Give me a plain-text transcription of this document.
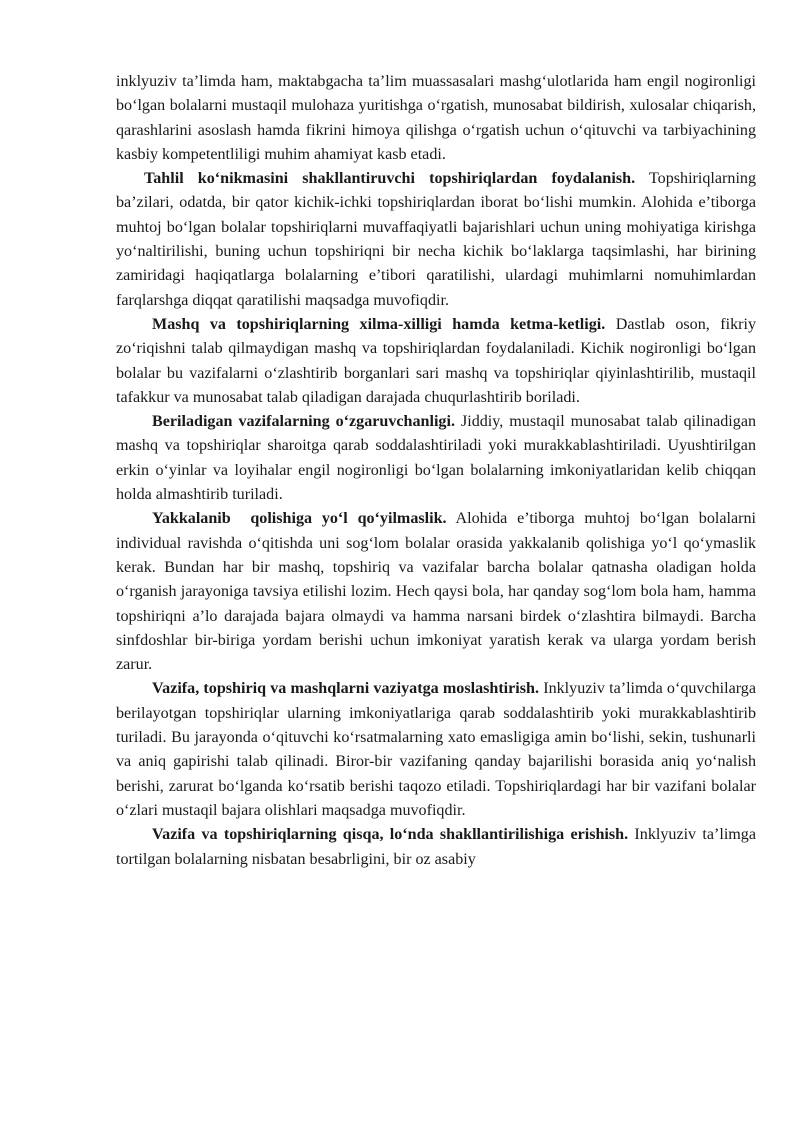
inklyuziv ta’limda ham, maktabgacha ta’lim muassasalari mashg‘ulotlarida ham engil nogironligi bo‘lgan bolalarni mustaqil mulohaza yuritishga o‘rgatish, munosabat bildirish, xulosalar chiqarish, qarashlarini asoslash hamda fikrini himoya qilishga o‘rgatish uchun o‘qituvchi va tarbiyachining kasbiy kompetentliligi muhim ahamiyat kasb etadi.

Tahlil ko‘nikmasini shakllantiruvchi topshiriqlardan foydalanish. Topshiriqlarning ba’zilari, odatda, bir qator kichik-ichki topshiriqlardan iborat bo‘lishi mumkin. Alohida e’tiborga muhtoj bo‘lgan bolalar topshiriqlarni muvaffaqiyatli bajarishlari uchun uning mohiyatiga kirishga yo‘naltirilishi, buning uchun topshiriqni bir necha kichik bo‘laklarga taqsimlashi, har birining zamiridagi haqiqatlarga bolalarning e’tibori qaratilishi, ulardagi muhimlarni nomuhimlardan farqlarshga diqqat qaratilishi maqsadga muvofiqdir.

Mashq va topshiriqlarning xilma-xilligi hamda ketma-ketligi. Dastlab oson, fikriy zo‘riqishni talab qilmaydigan mashq va topshiriqlardan foydalaniladi. Kichik nogironligi bo‘lgan bolalar bu vazifalarni o‘zlashtirib borganlari sari mashq va topshiriqlar qiyinlashtirilib, mustaqil tafakkur va munosabat talab qiladigan darajada chuqurlashtirib boriladi.

Beriladigan vazifalarning o‘zgaruvchanligi. Jiddiy, mustaqil munosabat talab qilinadigan mashq va topshiriqlar sharoitga qarab soddalashtiriladi yoki murakkablashtiriladi. Uyushtirilgan erkin o‘yinlar va loyihalar engil nogironligi bo‘lgan bolalarning imkoniyatlaridan kelib chiqqan holda almashtirib turiladi.

Yakkalanib  qolishiga yo‘l qo‘yilmaslik. Alohida e’tiborga muhtoj bo‘lgan bolalarni individual ravishda o‘qitishda uni sog‘lom bolalar orasida yakkalanib qolishiga yo‘l qo‘ymaslik kerak. Bundan har bir mashq, topshiriq va vazifalar barcha bolalar qatnasha oladigan holda o‘rganish jarayoniga tavsiya etilishi lozim. Hech qaysi bola, har qanday sog‘lom bola ham, hamma topshiriqni a’lo darajada bajara olmaydi va hamma narsani birdek o‘zlashtira bilmaydi. Barcha sinfdoshlar bir-biriga yordam berishi uchun imkoniyat yaratish kerak va ularga yordam berish zarur.

Vazifa, topshiriq va mashqlarni vaziyatga moslashtirish. Inklyuziv ta’limda o‘quvchilarga berilayotgan topshiriqlar ularning imkoniyatlariga qarab soddalashtirib yoki murakkablashtirib turiladi. Bu jarayonda o‘qituvchi ko‘rsatmalarning xato emasligiga amin bo‘lishi, sekin, tushunarli va aniq gapirishi talab qilinadi. Biror-bir vazifaning qanday bajarilishi borasida aniq yo‘nalish berishi, zarurat bo‘lganda ko‘rsatib berishi taqozo etiladi. Topshiriqlardagi har bir vazifani bolalar o‘zlari mustaqil bajara olishlari maqsadga muvofiqdir.

Vazifa va topshiriqlarning qisqa, lo‘nda shakllantirilishiga erishish. Inklyuziv ta’limga tortilgan bolalarning nisbatan besabrligini, bir oz asabiy
